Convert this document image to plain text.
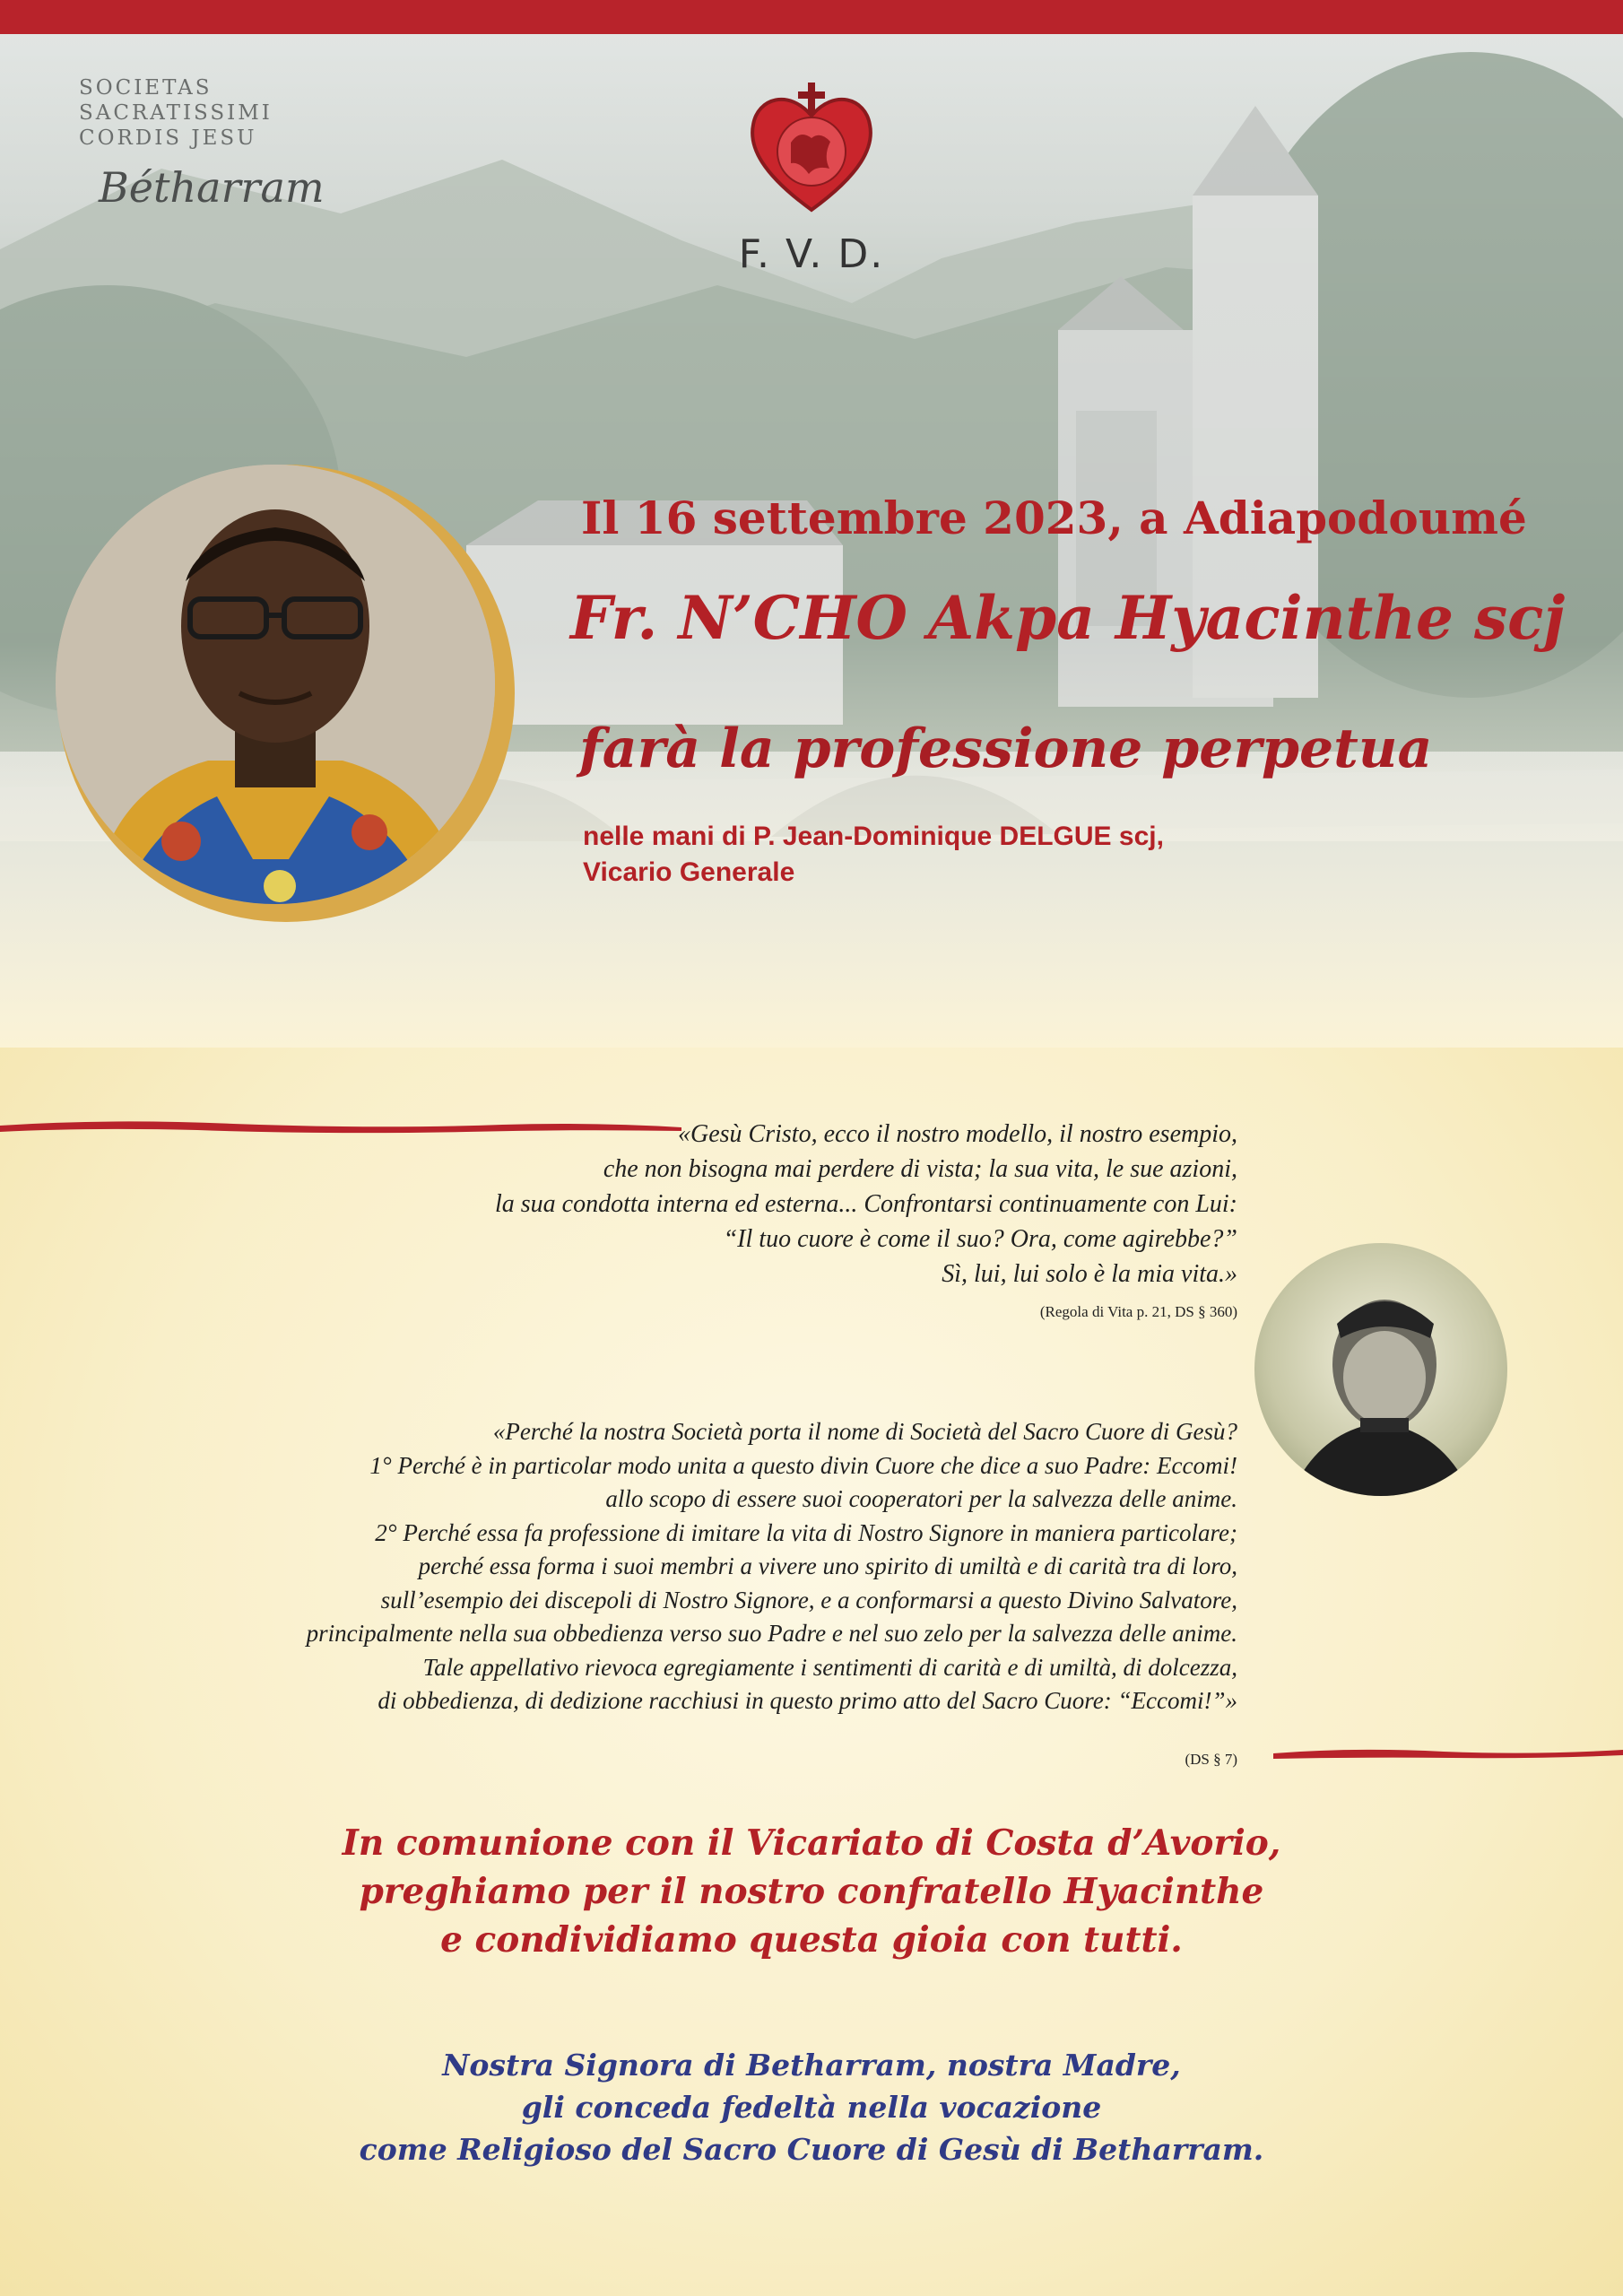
SOCIETAS
SACRATISSIMI
CORDIS JESU
Bétharram
F. V. D.
Il 16 settembre 2023, a Adiapodoumé
Fr. N’CHO Akpa Hyacinthe scj
farà la professione perpetua
nelle mani di P. Jean-Dominique DELGUE scj,
Vicario Generale
«Gesù Cristo, ecco il nostro modello, il nostro esempio,
che non bisogna mai perdere di vista; la sua vita, le sue azioni,
la sua condotta interna ed esterna... Confrontarsi continuamente con Lui:
“Il tuo cuore è come il suo? Ora, come agirebbe?”
Sì, lui, lui solo è la mia vita.»
(Regola di Vita p. 21, DS § 360)
«Perché la nostra Società porta il nome di Società del Sacro Cuore di Gesù?
1° Perché è in particolar modo unita a questo divin Cuore che dice a suo Padre: Eccomi!
allo scopo di essere suoi cooperatori per la salvezza delle anime.
2° Perché essa fa professione di imitare la vita di Nostro Signore in maniera particolare;
perché essa forma i suoi membri a vivere uno spirito di umiltà e di carità tra di loro,
sull’esempio dei discepoli di Nostro Signore, e a conformarsi a questo Divino Salvatore,
principalmente nella sua obbedienza verso suo Padre e nel suo zelo per la salvezza delle anime.
Tale appellativo rievoca egregiamente i sentimenti di carità e di umiltà, di dolcezza,
di obbedienza, di dedizione racchiusi in questo primo atto del Sacro Cuore: “Eccomi!”»
(DS § 7)
In comunione con il Vicariato di Costa d’Avorio,
preghiamo per il nostro confratello Hyacinthe
e condividiamo questa gioia con tutti.
Nostra Signora di Betharram, nostra Madre,
gli conceda fedeltà nella vocazione
come Religioso del Sacro Cuore di Gesù di Betharram.
